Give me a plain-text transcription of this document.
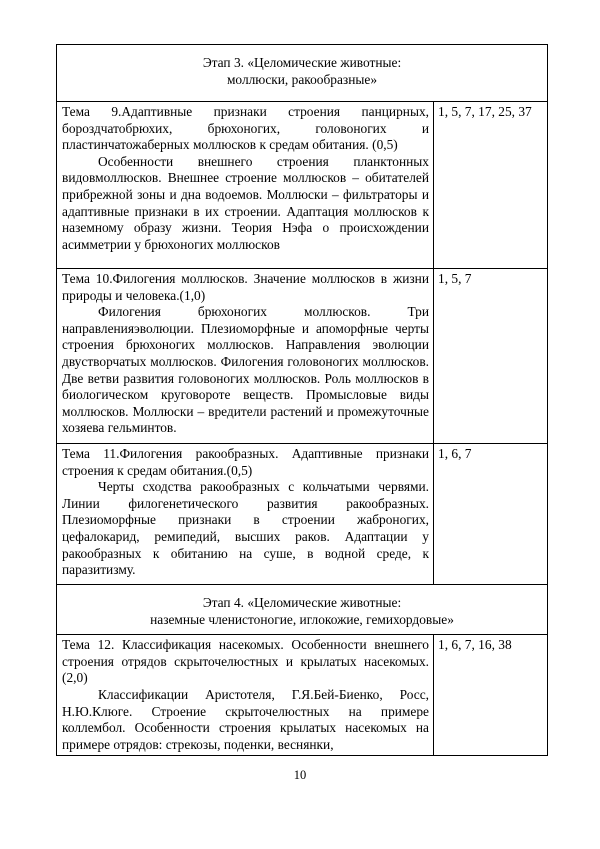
Этап 3. «Целомические животные:
моллюски, ракообразные»	

Тема 9.Адаптивные признаки строения панцирных, бороздчатобрюхих, брюхоногих, головоногих и пластинчатожаберных моллюсков к средам обитания. (0,5)
Особенности внешнего строения планктонных видовмоллюсков. Внешнее строение моллюсков – обитателей прибрежной зоны и дна водоемов. Моллюски – фильтраторы и адаптивные признаки в их строении. Адаптация моллюсков к наземному образу жизни. Теория Нэфа о происхождении асимметрии у брюхоногих моллюсков	1, 5, 7, 17, 25, 37

Тема 10.Филогения моллюсков. Значение моллюсков в жизни природы и человека.(1,0)
Филогения брюхоногих моллюсков. Три направленияэволюции. Плезиоморфные и апоморфные черты строения брюхоногих моллюсков. Направления эволюции двустворчатых моллюсков. Филогения головоногих моллюсков. Две ветви развития головоногих моллюсков. Роль моллюсков в биологическом круговороте веществ. Промысловые виды моллюсков. Моллюски – вредители растений и промежуточные хозяева гельминтов.	1, 5, 7

Тема 11.Филогения ракообразных. Адаптивные признаки строения к средам обитания.(0,5)
Черты сходства ракообразных с кольчатыми червями. Линии филогенетического развития ракообразных. Плезиоморфные признаки в строении жаброногих, цефалокарид, ремипедий, высших раков. Адаптации у ракообразных к обитанию на суше, в водной среде, к паразитизму.	1, 6, 7

Этап 4. «Целомические животные:
наземные членистоногие, иглокожие, гемихордовые»	

Тема 12. Классификация насекомых. Особенности внешнего строения отрядов скрыточелюстных и крылатых насекомых.(2,0)
Классификации Аристотеля, Г.Я.Бей-Биенко, Росс, Н.Ю.Клюге. Строение скрыточелюстных на примере коллембол. Особенности строения крылатых насекомых на примере отрядов: стрекозы, поденки, веснянки,	1, 6, 7, 16, 38
10
